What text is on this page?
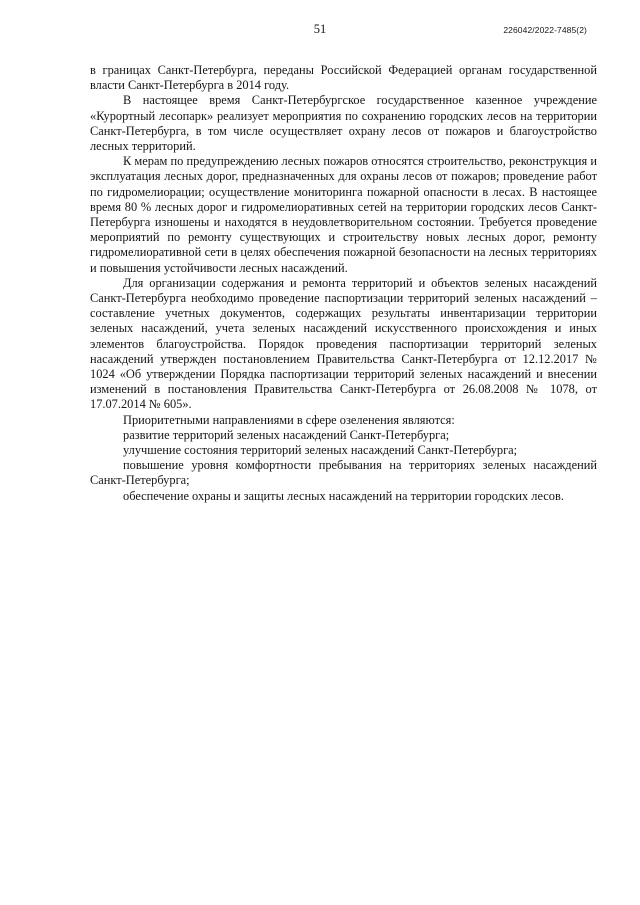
51	226042/2022-7485(2)

в границах Санкт-Петербурга, переданы Российской Федерацией органам государственной власти Санкт-Петербурга в 2014 году.

В настоящее время Санкт-Петербургское государственное казенное учреждение «Курортный лесопарк» реализует мероприятия по сохранению городских лесов на территории Санкт-Петербурга, в том числе осуществляет охрану лесов от пожаров и благоустройство лесных территорий.

К мерам по предупреждению лесных пожаров относятся строительство, реконструкция и эксплуатация лесных дорог, предназначенных для охраны лесов от пожаров; проведение работ по гидромелиорации; осуществление мониторинга пожарной опасности в лесах. В настоящее время 80 % лесных дорог и гидромелиоративных сетей на территории городских лесов Санкт-Петербурга изношены и находятся в неудовлетворительном состоянии. Требуется проведение мероприятий по ремонту существующих и строительству новых лесных дорог, ремонту гидромелиоративной сети в целях обеспечения пожарной безопасности на лесных территориях и повышения устойчивости лесных насаждений.

Для организации содержания и ремонта территорий и объектов зеленых насаждений Санкт-Петербурга необходимо проведение паспортизации территорий зеленых насаждений – составление учетных документов, содержащих результаты инвентаризации территории зеленых насаждений, учета зеленых насаждений искусственного происхождения и иных элементов благоустройства. Порядок проведения паспортизации территорий зеленых насаждений утвержден постановлением Правительства Санкт-Петербурга от 12.12.2017 № 1024 «Об утверждении Порядка паспортизации территорий зеленых насаждений и внесении изменений в постановления Правительства Санкт-Петербурга от 26.08.2008 № 1078, от 17.07.2014 № 605».

Приоритетными направлениями в сфере озеленения являются:

развитие территорий зеленых насаждений Санкт-Петербурга;

улучшение состояния территорий зеленых насаждений Санкт-Петербурга;

повышение уровня комфортности пребывания на территориях зеленых насаждений Санкт-Петербурга;

обеспечение охраны и защиты лесных насаждений на территории городских лесов.
